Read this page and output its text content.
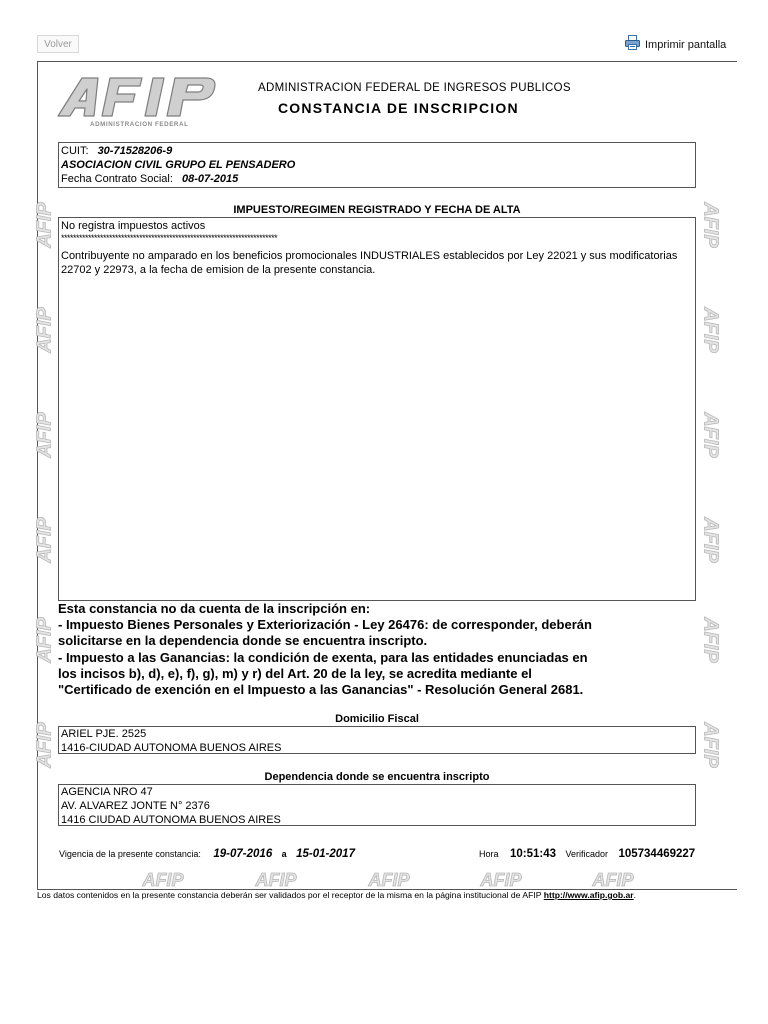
Volver	Imprimir pantalla
ADMINISTRACION FEDERAL
ADMINISTRACION FEDERAL DE INGRESOS PUBLICOS
CONSTANCIA DE INSCRIPCION
CUIT: 30-71528206-9
ASOCIACION CIVIL GRUPO EL PENSADERO
Fecha Contrato Social: 08-07-2015
IMPUESTO/REGIMEN REGISTRADO Y FECHA DE ALTA
No registra impuestos activos
************************************************************************
Contribuyente no amparado en los beneficios promocionales INDUSTRIALES establecidos por Ley 22021 y sus modificatorias 22702 y 22973, a la fecha de emision de la presente constancia.
Esta constancia no da cuenta de la inscripción en:
- Impuesto Bienes Personales y Exteriorización - Ley 26476: de corresponder, deberán
solicitarse en la dependencia donde se encuentra inscripto.
- Impuesto a las Ganancias: la condición de exenta, para las entidades enunciadas en
los incisos b), d), e), f), g), m) y r) del Art. 20 de la ley, se acredita mediante el
"Certificado de exención en el Impuesto a las Ganancias" - Resolución General 2681.
Domicilio Fiscal
ARIEL PJE. 2525
1416-CIUDAD AUTONOMA BUENOS AIRES
Dependencia donde se encuentra inscripto
AGENCIA NRO 47
AV. ALVAREZ JONTE N° 2376
1416 CIUDAD AUTONOMA BUENOS AIRES
Vigencia de la presente constancia: 19-07-2016 a 15-01-2017	Hora 10:51:43 Verificador 105734469227
Los datos contenidos en la presente constancia deberán ser validados por el receptor de la misma en la página institucional de AFIP http://www.afip.gob.ar.
AFIP
AFIP
AFIP
AFIP
AFIP
AFIP
AFIP
AFIP
AFIP
AFIP
AFIP
AFIP
AFIP	AFIP	AFIP	AFIP	AFIP
